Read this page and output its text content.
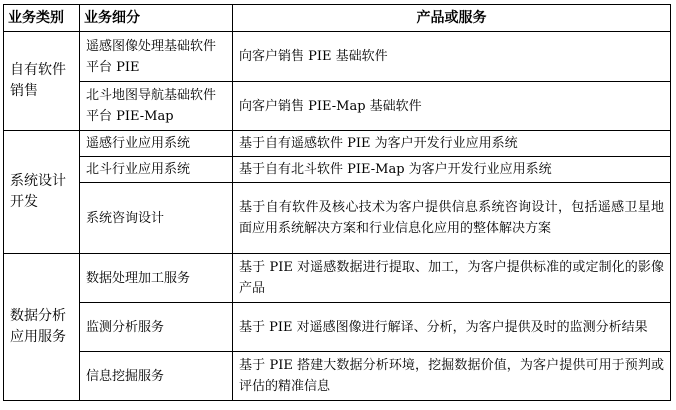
业务类别	业务细分	产品或服务
自有软件销售	遥感图像处理基础软件平台 PIE	向客户销售 PIE 基础软件
	北斗地图导航基础软件平台 PIE-Map	向客户销售 PIE-Map 基础软件
系统设计开发	遥感行业应用系统	基于自有遥感软件 PIE 为客户开发行业应用系统
	北斗行业应用系统	基于自有北斗软件 PIE-Map 为客户开发行业应用系统
	系统咨询设计	基于自有软件及核心技术为客户提供信息系统咨询设计，包括遥感卫星地面应用系统解决方案和行业信息化应用的整体解决方案
数据分析应用服务	数据处理加工服务	基于 PIE 对遥感数据进行提取、加工，为客户提供标准的或定制化的影像产品
	监测分析服务	基于 PIE 对遥感图像进行解译、分析，为客户提供及时的监测分析结果
	信息挖掘服务	基于 PIE 搭建大数据分析环境，挖掘数据价值，为客户提供可用于预判或评估的精准信息
